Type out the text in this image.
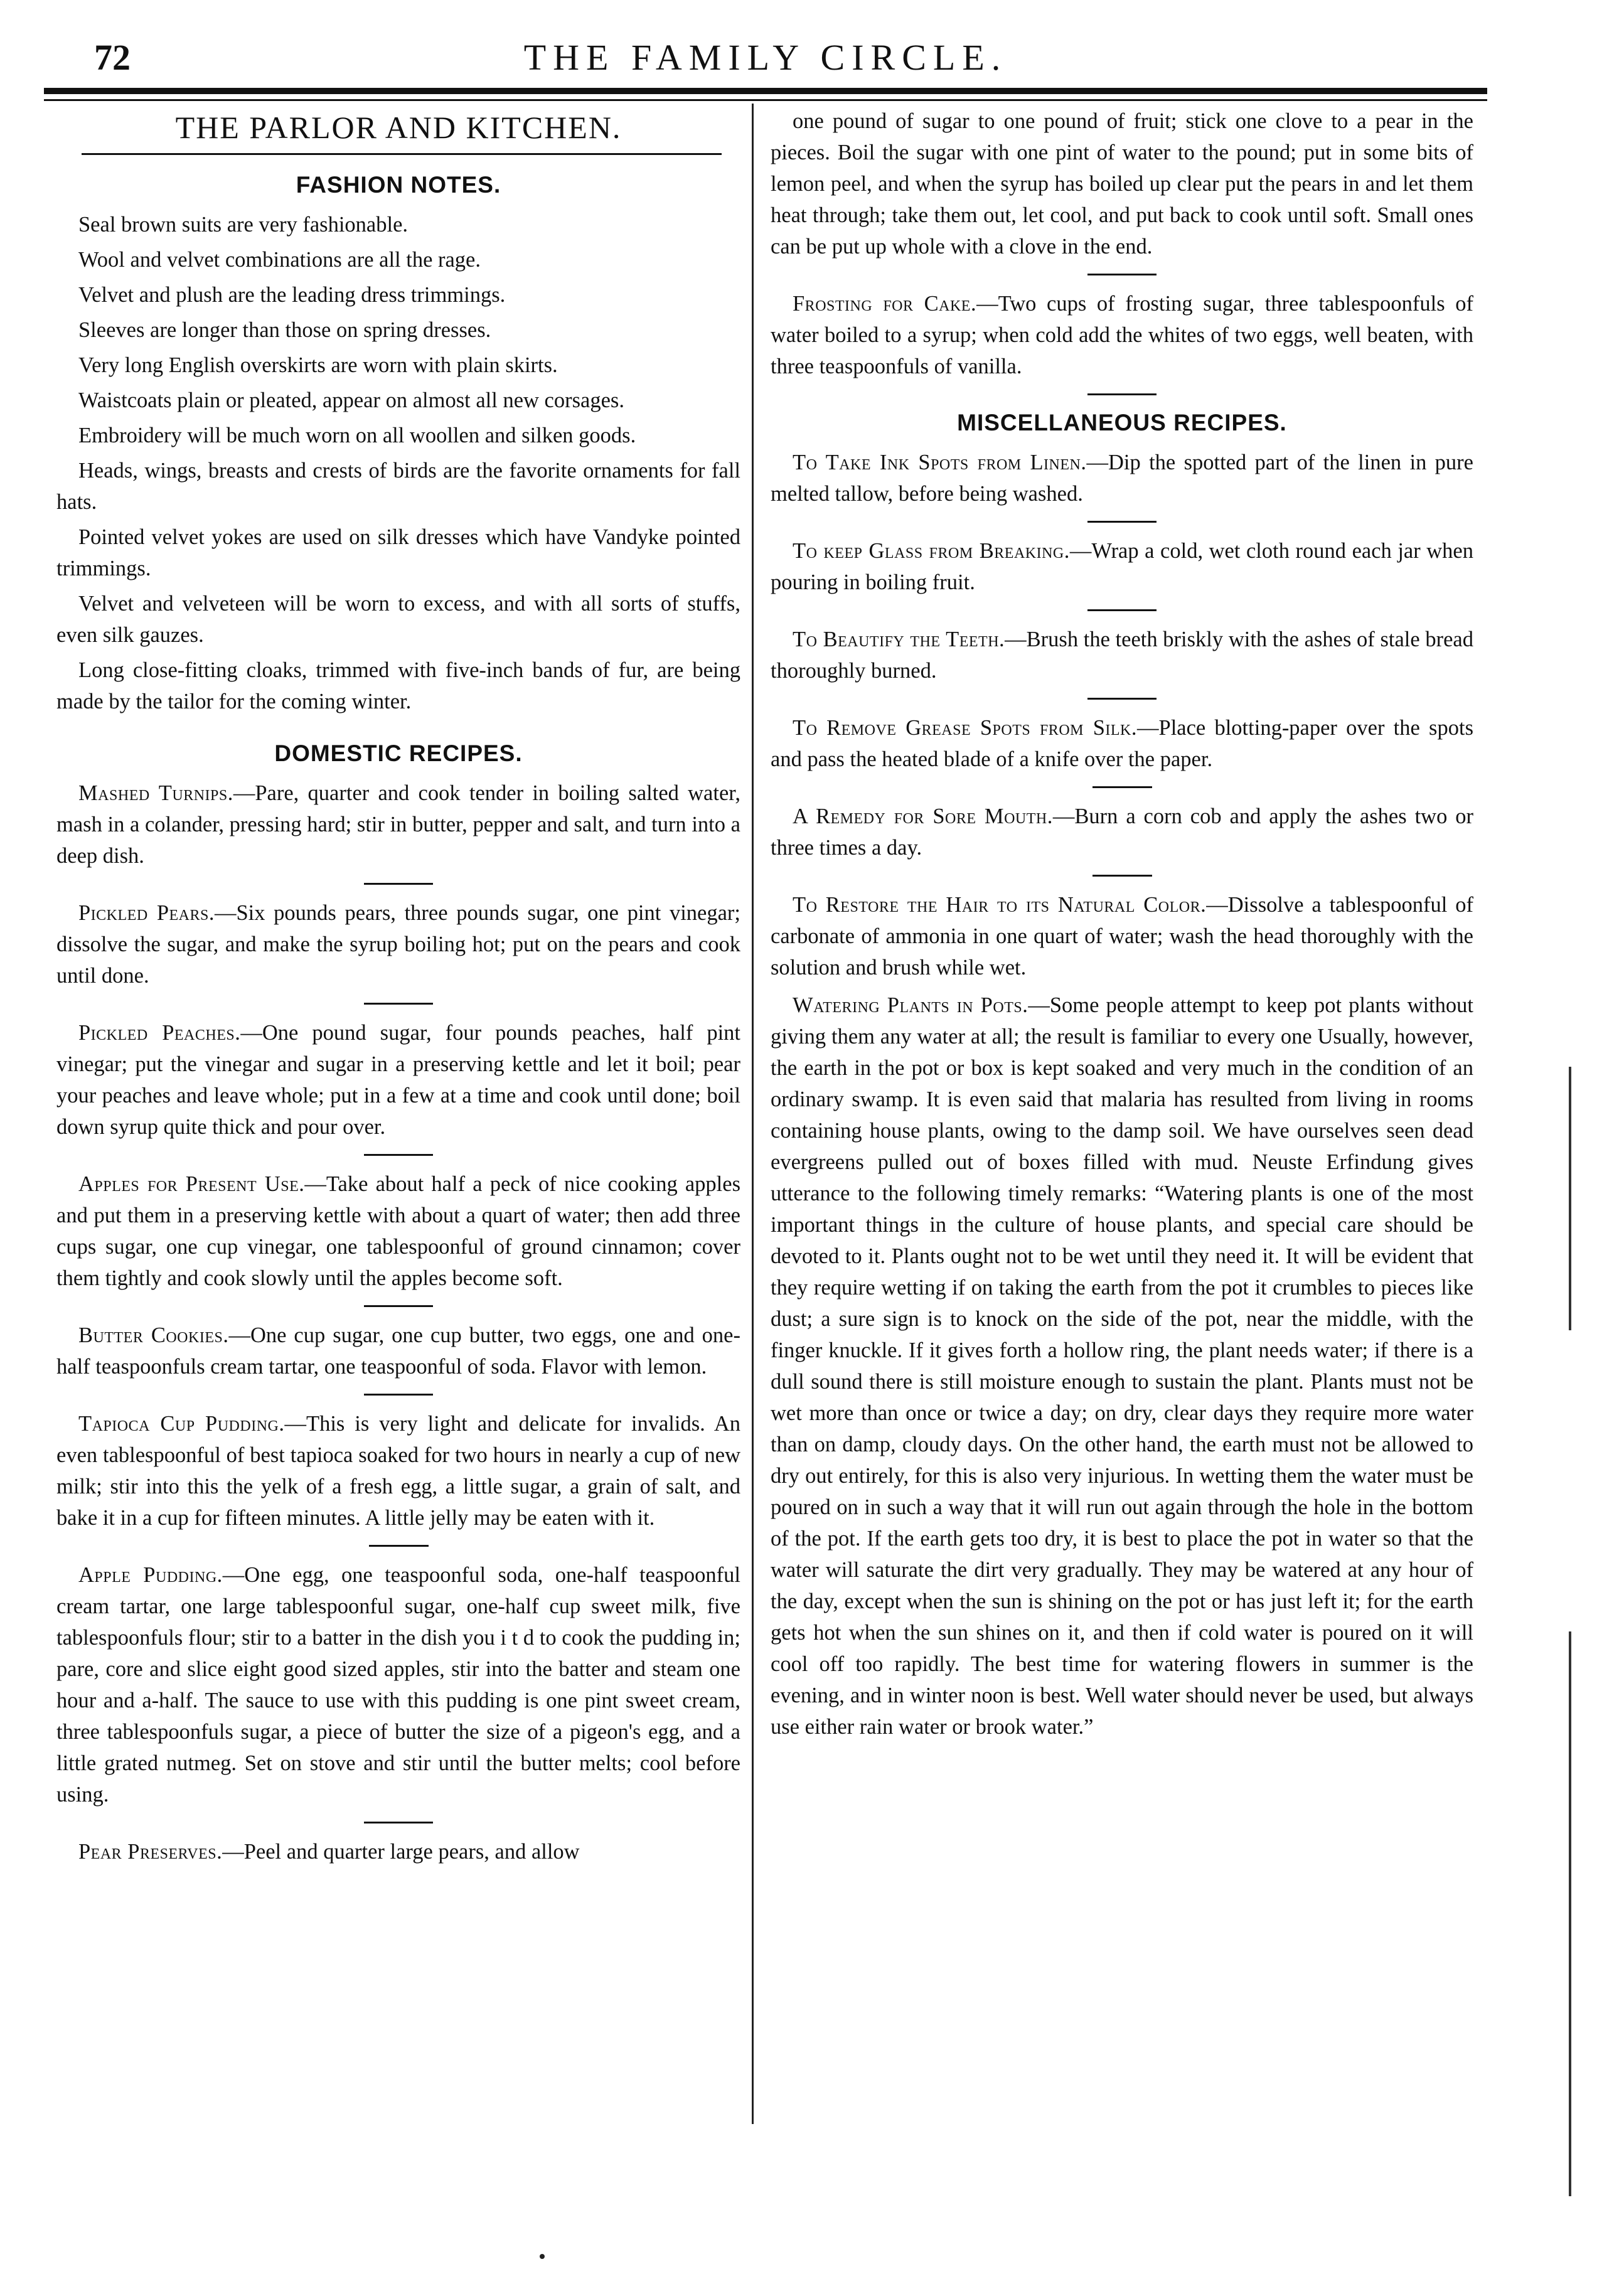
72	THE FAMILY CIRCLE.
THE PARLOR AND KITCHEN.
FASHION NOTES.

Seal brown suits are very fashionable.

Wool and velvet combinations are all the rage.

Velvet and plush are the leading dress trimmings.

Sleeves are longer than those on spring dresses.

Very long English overskirts are worn with plain skirts.

Waistcoats plain or pleated, appear on almost all new corsages.

Embroidery will be much worn on all woollen and silken goods.

Heads, wings, breasts and crests of birds are the favorite ornaments for fall hats.

Pointed velvet yokes are used on silk dresses which have Vandyke pointed trimmings.

Velvet and velveteen will be worn to excess, and with all sorts of stuffs, even silk gauzes.

Long close-fitting cloaks, trimmed with five-inch bands of fur, are being made by the tailor for the coming winter.

DOMESTIC RECIPES.

Mashed Turnips.—Pare, quarter and cook tender in boiling salted water, mash in a colander, pressing hard; stir in butter, pepper and salt, and turn into a deep dish.

Pickled Pears.—Six pounds pears, three pounds sugar, one pint vinegar; dissolve the sugar, and make the syrup boiling hot; put on the pears and cook until done.

Pickled Peaches.—One pound sugar, four pounds peaches, half pint vinegar; put the vinegar and sugar in a preserving kettle and let it boil; pear your peaches and leave whole; put in a few at a time and cook until done; boil down syrup quite thick and pour over.

Apples for Present Use.—Take about half a peck of nice cooking apples and put them in a preserving kettle with about a quart of water; then add three cups sugar, one cup vinegar, one tablespoonful of ground cinnamon; cover them tightly and cook slowly until the apples become soft.

Butter Cookies.—One cup sugar, one cup butter, two eggs, one and one-half teaspoonfuls cream tartar, one teaspoonful of soda. Flavor with lemon.

Tapioca Cup Pudding.—This is very light and delicate for invalids. An even tablespoonful of best tapioca soaked for two hours in nearly a cup of new milk; stir into this the yelk of a fresh egg, a little sugar, a grain of salt, and bake it in a cup for fifteen minutes. A little jelly may be eaten with it.

Apple Pudding.—One egg, one teaspoonful soda, one-half teaspoonful cream tartar, one large tablespoonful sugar, one-half cup sweet milk, five tablespoonfuls flour; stir to a batter in the dish you i t d to cook the pudding in; pare, core and slice eight good sized apples, stir into the batter and steam one hour and a-half. The sauce to use with this pudding is one pint sweet cream, three tablespoonfuls sugar, a piece of butter the size of a pigeon's egg, and a little grated nutmeg. Set on stove and stir until the butter melts; cool before using.

Pear Preserves.—Peel and quarter large pears, and allow

one pound of sugar to one pound of fruit; stick one clove to a pear in the pieces. Boil the sugar with one pint of water to the pound; put in some bits of lemon peel, and when the syrup has boiled up clear put the pears in and let them heat through; take them out, let cool, and put back to cook until soft. Small ones can be put up whole with a clove in the end.

Frosting for Cake.—Two cups of frosting sugar, three tablespoonfuls of water boiled to a syrup; when cold add the whites of two eggs, well beaten, with three teaspoonfuls of vanilla.

MISCELLANEOUS RECIPES.

To Take Ink Spots from Linen.—Dip the spotted part of the linen in pure melted tallow, before being washed.

To keep Glass from Breaking.—Wrap a cold, wet cloth round each jar when pouring in boiling fruit.

To Beautify the Teeth.—Brush the teeth briskly with the ashes of stale bread thoroughly burned.

To Remove Grease Spots from Silk.—Place blotting-paper over the spots and pass the heated blade of a knife over the paper.

A Remedy for Sore Mouth.—Burn a corn cob and apply the ashes two or three times a day.

To Restore the Hair to its Natural Color.—Dissolve a tablespoonful of carbonate of ammonia in one quart of water; wash the head thoroughly with the solution and brush while wet.

Watering Plants in Pots.—Some people attempt to keep pot plants without giving them any water at all; the result is familiar to every one Usually, however, the earth in the pot or box is kept soaked and very much in the condition of an ordinary swamp. It is even said that malaria has resulted from living in rooms containing house plants, owing to the damp soil. We have ourselves seen dead evergreens pulled out of boxes filled with mud. Neuste Erfindung gives utterance to the following timely remarks: “Watering plants is one of the most important things in the culture of house plants, and special care should be devoted to it. Plants ought not to be wet until they need it. It will be evident that they require wetting if on taking the earth from the pot it crumbles to pieces like dust; a sure sign is to knock on the side of the pot, near the middle, with the finger knuckle. If it gives forth a hollow ring, the plant needs water; if there is a dull sound there is still moisture enough to sustain the plant. Plants must not be wet more than once or twice a day; on dry, clear days they require more water than on damp, cloudy days. On the other hand, the earth must not be allowed to dry out entirely, for this is also very injurious. In wetting them the water must be poured on in such a way that it will run out again through the hole in the bottom of the pot. If the earth gets too dry, it is best to place the pot in water so that the water will saturate the dirt very gradually. They may be watered at any hour of the day, except when the sun is shining on the pot or has just left it; for the earth gets hot when the sun shines on it, and then if cold water is poured on it will cool off too rapidly. The best time for watering flowers in summer is the evening, and in winter noon is best. Well water should never be used, but always use either rain water or brook water.”
